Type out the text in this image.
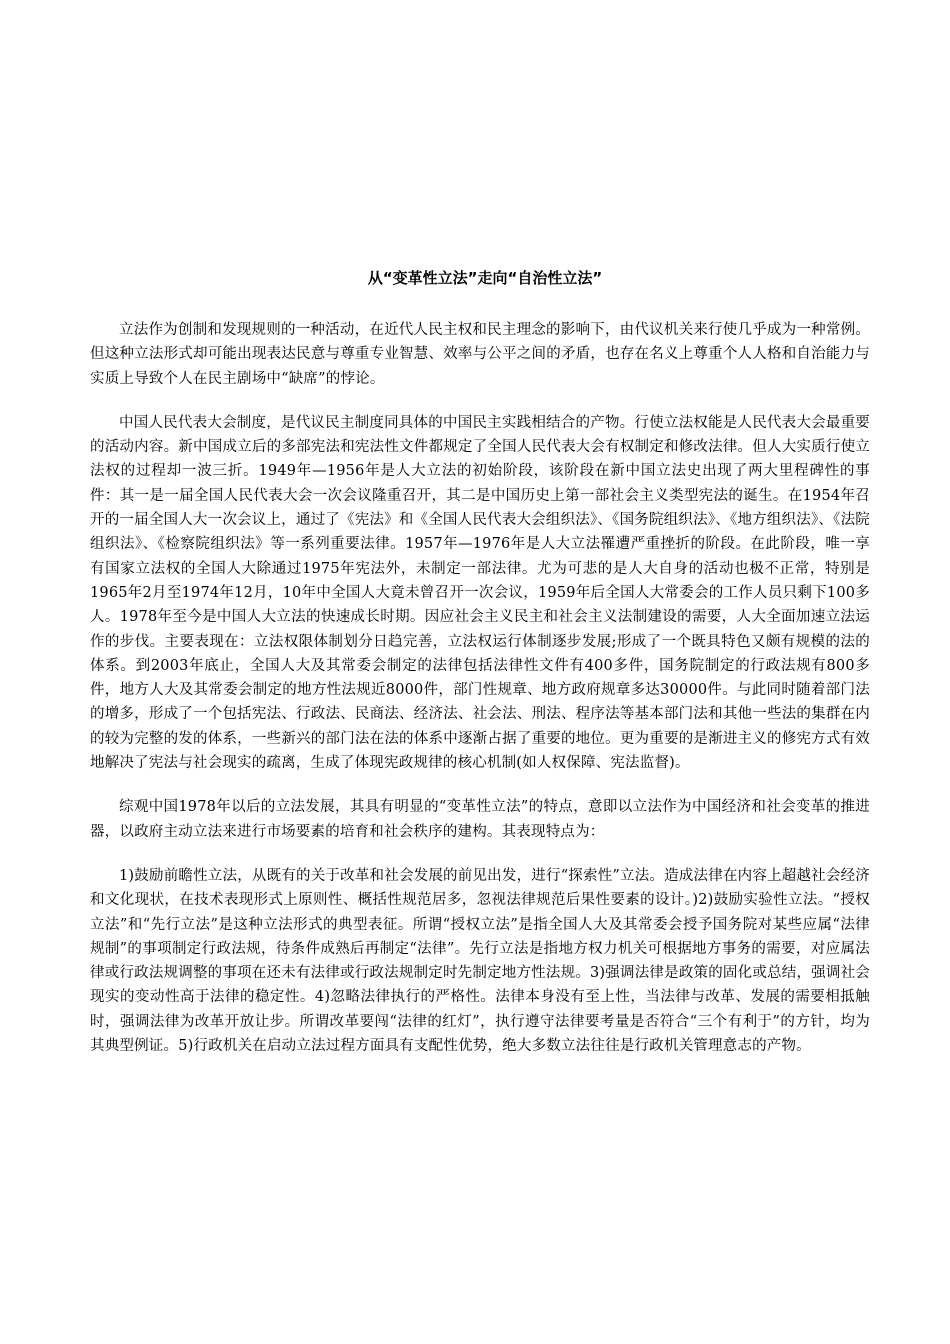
从“变革性立法”走向“自治性立法”

立法作为创制和发现规则的一种活动，在近代人民主权和民主理念的影响下，由代议机关来行使几乎成为一种常例。但这种立法形式却可能出现表达民意与尊重专业智慧、效率与公平之间的矛盾，也存在名义上尊重个人人格和自治能力与实质上导致个人在民主剧场中“缺席”的悖论。

中国人民代表大会制度，是代议民主制度同具体的中国民主实践相结合的产物。行使立法权能是人民代表大会最重要的活动内容。新中国成立后的多部宪法和宪法性文件都规定了全国人民代表大会有权制定和修改法律。但人大实质行使立法权的过程却一波三折。1949年—1956年是人大立法的初始阶段，该阶段在新中国立法史出现了两大里程碑性的事件：其一是一届全国人民代表大会一次会议隆重召开，其二是中国历史上第一部社会主义类型宪法的诞生。在1954年召开的一届全国人大一次会议上，通过了《宪法》和《全国人民代表大会组织法》、《国务院组织法》、《地方组织法》、《法院组织法》、《检察院组织法》等一系列重要法律。1957年—1976年是人大立法罹遭严重挫折的阶段。在此阶段，唯一享有国家立法权的全国人大除通过1975年宪法外，未制定一部法律。尤为可悲的是人大自身的活动也极不正常，特别是1965年2月至1974年12月，10年中全国人大竟未曾召开一次会议，1959年后全国人大常委会的工作人员只剩下100多人。1978年至今是中国人大立法的快速成长时期。因应社会主义民主和社会主义法制建设的需要，人大全面加速立法运作的步伐。主要表现在：立法权限体制划分日趋完善，立法权运行体制逐步发展;形成了一个既具特色又颇有规模的法的体系。到2003年底止，全国人大及其常委会制定的法律包括法律性文件有400多件，国务院制定的行政法规有800多件，地方人大及其常委会制定的地方性法规近8000件，部门性规章、地方政府规章多达30000件。与此同时随着部门法的增多，形成了一个包括宪法、行政法、民商法、经济法、社会法、刑法、程序法等基本部门法和其他一些法的集群在内的较为完整的发的体系，一些新兴的部门法在法的体系中逐渐占据了重要的地位。更为重要的是渐进主义的修宪方式有效地解决了宪法与社会现实的疏离，生成了体现宪政规律的核心机制(如人权保障、宪法监督)。

综观中国1978年以后的立法发展，其具有明显的“变革性立法”的特点，意即以立法作为中国经济和社会变革的推进器，以政府主动立法来进行市场要素的培育和社会秩序的建构。其表现特点为：

1)鼓励前瞻性立法，从既有的关于改革和社会发展的前见出发，进行“探索性”立法。造成法律在内容上超越社会经济和文化现状，在技术表现形式上原则性、概括性规范居多，忽视法律规范后果性要素的设计。)2)鼓励实验性立法。“授权立法”和“先行立法”是这种立法形式的典型表征。所谓“授权立法”是指全国人大及其常委会授予国务院对某些应属“法律规制”的事项制定行政法规，待条件成熟后再制定“法律”。先行立法是指地方权力机关可根据地方事务的需要，对应属法律或行政法规调整的事项在还未有法律或行政法规制定时先制定地方性法规。3)强调法律是政策的固化或总结，强调社会现实的变动性高于法律的稳定性。4)忽略法律执行的严格性。法律本身没有至上性，当法律与改革、发展的需要相抵触时，强调法律为改革开放让步。所谓改革要闯“法律的红灯”，执行遵守法律要考量是否符合“三个有利于”的方针，均为其典型例证。5)行政机关在启动立法过程方面具有支配性优势，绝大多数立法往往是行政机关管理意志的产物。
